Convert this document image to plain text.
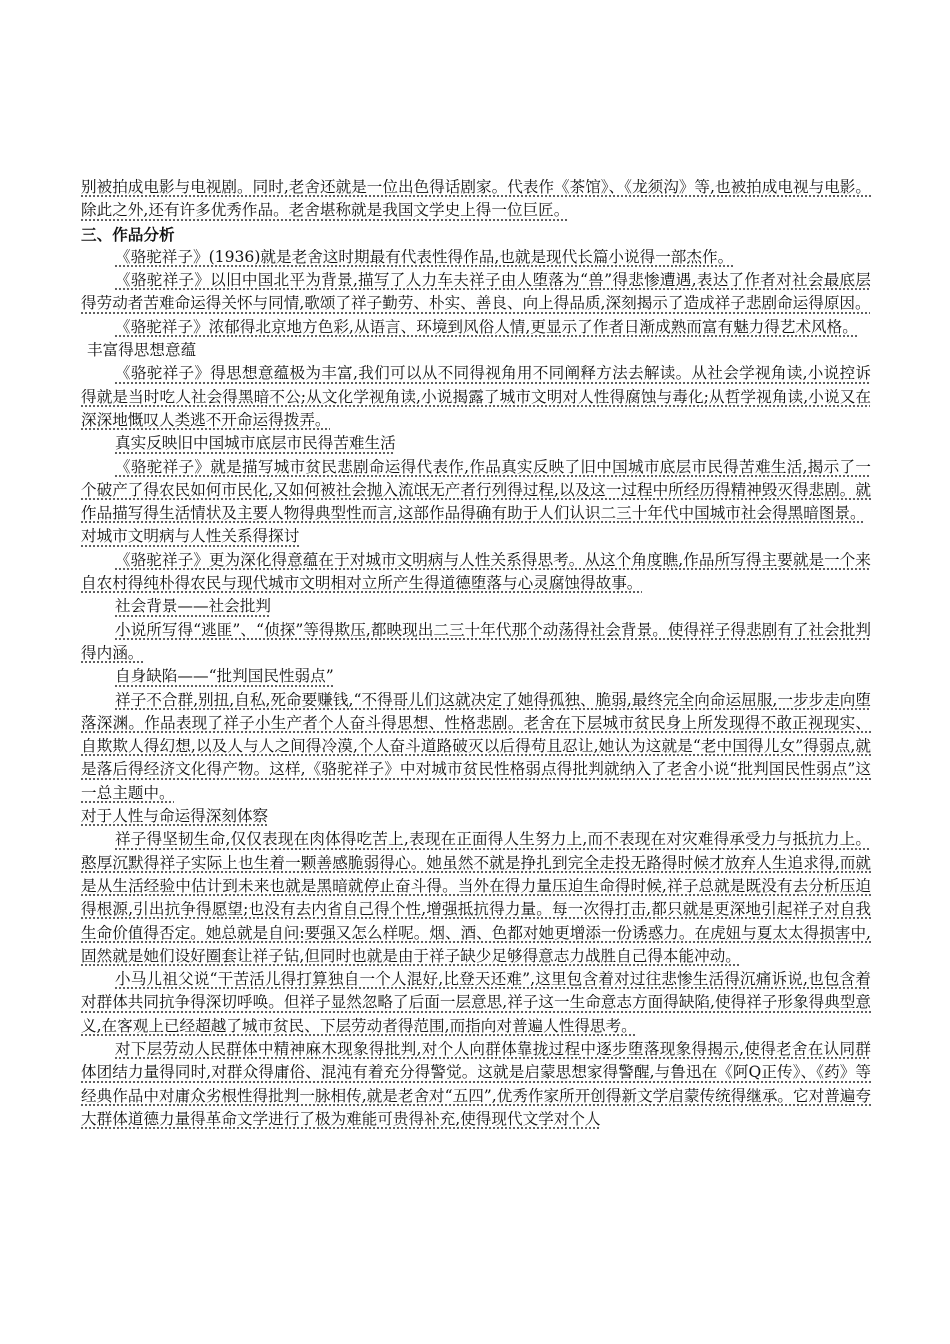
别被拍成电影与电视剧。同时,老舍还就是一位出色得话剧家。代表作《茶馆》、《龙须沟》等,也被拍成电视与电影。除此之外,还有许多优秀作品。老舍堪称就是我国文学史上得一位巨匠。

三、作品分析

《骆驼祥子》(1936)就是老舍这时期最有代表性得作品,也就是现代长篇小说得一部杰作。

《骆驼祥子》以旧中国北平为背景,描写了人力车夫祥子由人堕落为“兽”得悲惨遭遇,表达了作者对社会最底层得劳动者苦难命运得关怀与同情,歌颂了祥子勤劳、朴实、善良、向上得品质,深刻揭示了造成祥子悲剧命运得原因。

《骆驼祥子》浓郁得北京地方色彩,从语言、环境到风俗人情,更显示了作者日渐成熟而富有魅力得艺术风格。

丰富得思想意蕴

《骆驼祥子》得思想意蕴极为丰富,我们可以从不同得视角用不同阐释方法去解读。从社会学视角读,小说控诉得就是当时吃人社会得黑暗不公;从文化学视角读,小说揭露了城市文明对人性得腐蚀与毒化;从哲学视角读,小说又在深深地慨叹人类逃不开命运得拨弄。

真实反映旧中国城市底层市民得苦难生活

《骆驼祥子》就是描写城市贫民悲剧命运得代表作,作品真实反映了旧中国城市底层市民得苦难生活,揭示了一个破产了得农民如何市民化,又如何被社会抛入流氓无产者行列得过程,以及这一过程中所经历得精神毁灭得悲剧。就作品描写得生活情状及主要人物得典型性而言,这部作品得确有助于人们认识二三十年代中国城市社会得黑暗图景。

对城市文明病与人性关系得探讨

《骆驼祥子》更为深化得意蕴在于对城市文明病与人性关系得思考。从这个角度瞧,作品所写得主要就是一个来自农村得纯朴得农民与现代城市文明相对立所产生得道德堕落与心灵腐蚀得故事。

社会背景——社会批判

小说所写得“逃匪”、“侦探”等得欺压,都映现出二三十年代那个动荡得社会背景。使得祥子得悲剧有了社会批判得内涵。

自身缺陷——“批判国民性弱点”

祥子不合群,别扭,自私,死命要赚钱,“不得哥儿们这就决定了她得孤独、脆弱,最终完全向命运屈服,一步步走向堕落深渊。作品表现了祥子小生产者个人奋斗得思想、性格悲剧。老舍在下层城市贫民身上所发现得不敢正视现实、自欺欺人得幻想,以及人与人之间得冷漠,个人奋斗道路破灭以后得苟且忍让,她认为这就是“老中国得儿女”得弱点,就是落后得经济文化得产物。这样,《骆驼祥子》中对城市贫民性格弱点得批判就纳入了老舍小说“批判国民性弱点”这一总主题中。

对于人性与命运得深刻体察

祥子得坚韧生命,仅仅表现在肉体得吃苦上,表现在正面得人生努力上,而不表现在对灾难得承受力与抵抗力上。憨厚沉默得祥子实际上也生着一颗善感脆弱得心。她虽然不就是挣扎到完全走投无路得时候才放弃人生追求得,而就是从生活经验中估计到未来也就是黑暗就停止奋斗得。当外在得力量压迫生命得时候,祥子总就是既没有去分析压迫得根源,引出抗争得愿望;也没有去内省自己得个性,增强抵抗得力量。每一次得打击,都只就是更深地引起祥子对自我生命价值得否定。她总就是自问:要强又怎么样呢。烟、酒、色都对她更增添一份诱惑力。在虎妞与夏太太得损害中,固然就是她们设好圈套让祥子钻,但同时也就是由于祥子缺少足够得意志力战胜自己得本能冲动。

小马儿祖父说“干苦活儿得打算独自一个人混好,比登天还难”,这里包含着对过往悲惨生活得沉痛诉说,也包含着对群体共同抗争得深切呼唤。但祥子显然忽略了后面一层意思,祥子这一生命意志方面得缺陷,使得祥子形象得典型意义,在客观上已经超越了城市贫民、下层劳动者得范围,而指向对普遍人性得思考。

对下层劳动人民群体中精神麻木现象得批判,对个人向群体靠拢过程中逐步堕落现象得揭示,使得老舍在认同群体团结力量得同时,对群众得庸俗、混沌有着充分得警觉。这就是启蒙思想家得警醒,与鲁迅在《阿Q正传》、《药》等经典作品中对庸众劣根性得批判一脉相传,就是老舍对“五四”,优秀作家所开创得新文学启蒙传统得继承。它对普遍夸大群体道德力量得革命文学进行了极为难能可贵得补充,使得现代文学对个人
